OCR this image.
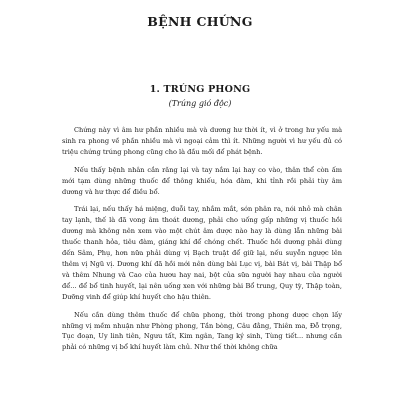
BỆNH CHỨNG
1. TRÚNG PHONG
(Trúng gió độc)

Chứng này vì âm hư phần nhiều mà và dương hư thời ít, vì ở trong hư yếu mà sinh ra phong về phần nhiều mà vì ngoại cảm thì ít. Những người vì hư yếu đủ có triệu chứng trúng phong cũng cho là đầu mối để phát bệnh.

Nếu thấy bệnh nhân cắn răng lại và tay nắm lại hay co vào, thân thể còn ấm mới tạm dùng những thuốc để thông khiếu, hóa đàm, khi tỉnh rồi phải tùy âm dương và hư thực để điều bổ.

Trái lại, nếu thấy há miệng, duỗi tay, nhắm mắt, són phân ra, nói nhỏ mà chân tay lạnh, thế là đã vong âm thoát dương, phải cho uống gấp những vị thuốc hồi dương mà không nên xem vào một chút âm dược nào hay là dùng lẫn những bài thuốc thanh hỏa, tiêu đàm, giáng khí để chóng chết. Thuốc hồi dương phải dùng đến Sâm, Phụ, hơn nữa phải dùng vị Bạch truật để giữ lại, nếu suyễn ngược lên thêm vị Ngũ vị. Dương khí đã hồi mới nên dùng bài Lục vị, bài Bát vị, bài Thập bổ và thêm Nhung và Cao của hươu hay nai, bột của sữa người hay nhau của người để... để bổ tinh huyết, lại nên uống xen với những bài Bổ trung, Quy tỳ, Thập toàn, Dưỡng vinh để giúp khí huyết cho hậu thiên.

Nếu cần dùng thêm thuốc để chữa phong, thời trong phong dược chọn lấy những vị mềm nhuận như Phòng phong, Tần bòng, Câu đằng, Thiên ma, Đỗ trọng, Tục đoạn, Uy linh tiên, Ngưu tất, Kim ngân, Tang ký sinh, Tùng tiết... nhưng cần phải có những vị bổ khí huyết làm chủ. Như thế thời không chữa
